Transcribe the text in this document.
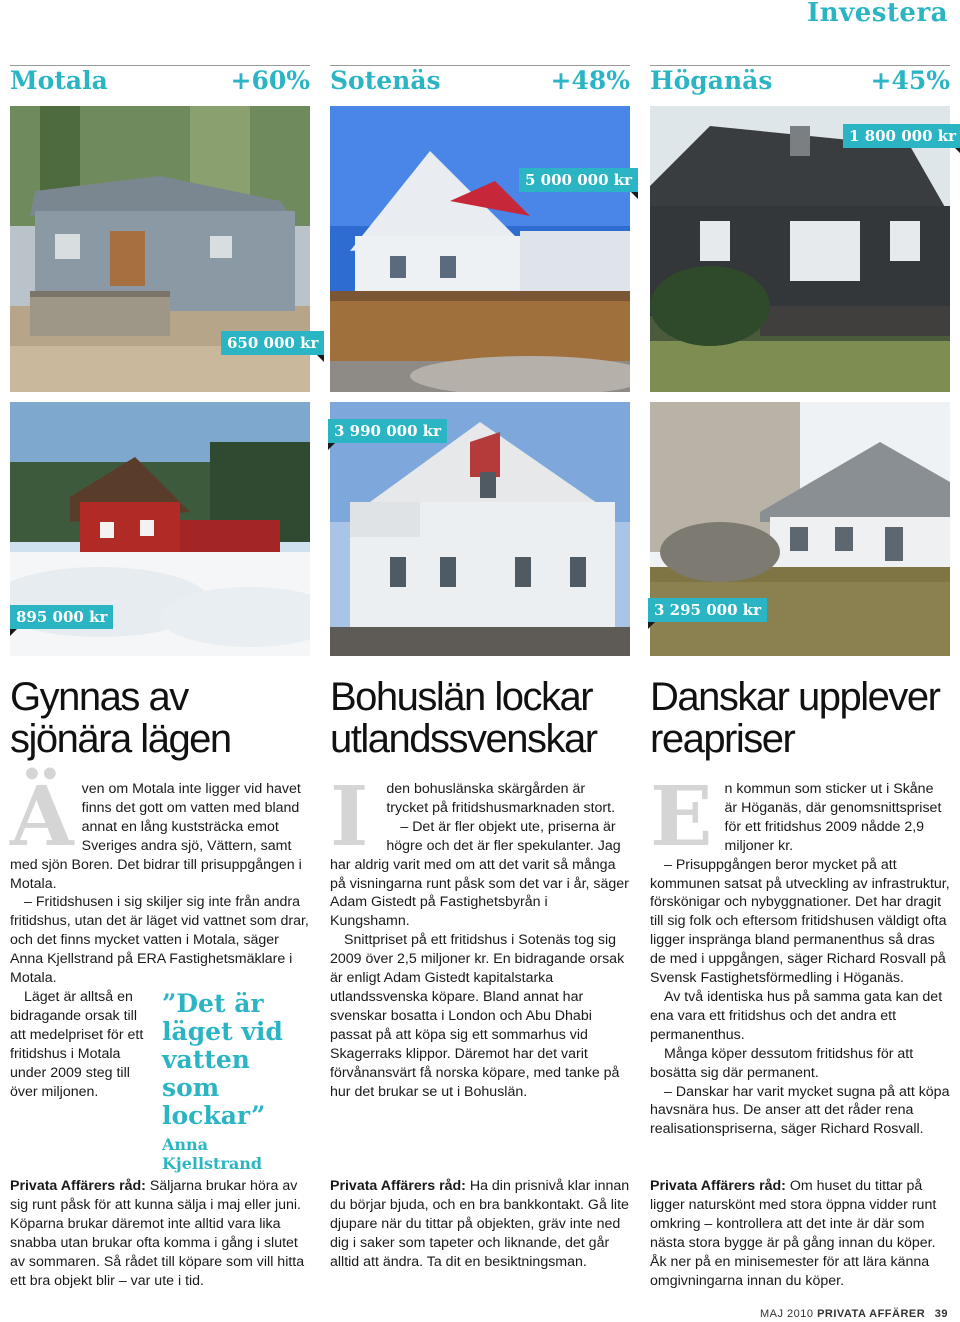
Investera
Motala	+60%
650 000 kr
895 000 kr
Gynnas av
sjönära lägen

Även om Motala inte ligger vid havet finns det gott om vatten med bland annat en lång kuststräcka emot Sveriges andra sjö, Vättern, samt med sjön Boren. Det bidrar till prisuppgången i Motala.

– Fritidshusen i sig skiljer sig inte från andra fritidshus, utan det är läget vid vattnet som drar, och det finns mycket vatten i Motala, säger Anna Kjellstrand på ERA Fastighetsmäklare i Motala.

”Det är läget vid vatten som lockar”
Anna Kjellstrand

Läget är alltså en bidragande orsak till att medelpriset för ett fritidshus i Motala under 2009 steg till över miljonen.

Privata Affärers råd: Säljarna brukar höra av sig runt påsk för att kunna sälja i maj eller juni. Köparna brukar däremot inte alltid vara lika snabba utan brukar ofta komma i gång i slutet av sommaren. Så rådet till köpare som vill hitta ett bra objekt blir – var ute i tid.
Sotenäs	+48%
5 000 000 kr
3 990 000 kr
Bohuslän lockar
utlandssvenskar

I den bohuslänska skärgården är trycket på fritidshusmarknaden stort.

– Det är fler objekt ute, priserna är högre och det är fler spekulanter. Jag har aldrig varit med om att det varit så många på visningarna runt påsk som det var i år, säger Adam Gistedt på Fastighetsbyrån i Kungshamn.

Snittpriset på ett fritidshus i Sotenäs tog sig 2009 över 2,5 miljoner kr. En bidragande orsak är enligt Adam Gistedt kapitalstarka utlandssvenska köpare. Bland annat har svenskar bosatta i London och Abu Dhabi passat på att köpa sig ett sommarhus vid Skagerraks klippor. Däremot har det varit förvånansvärt få norska köpare, med tanke på hur det brukar se ut i Bohuslän.

Privata Affärers råd: Ha din prisnivå klar innan du börjar bjuda, och en bra bankkontakt. Gå lite djupare när du tittar på objekten, gräv inte ned dig i saker som tapeter och liknande, det går alltid att ändra. Ta dit en besiktningsman.
Höganäs	+45%
1 800 000 kr
3 295 000 kr
Danskar upplever
reapriser

En kommun som sticker ut i Skåne är Höganäs, där genomsnittspriset för ett fritidshus 2009 nådde 2,9 miljoner kr.

– Prisuppgången beror mycket på att kommunen satsat på utveckling av infrastruktur, förskönigar och nybyggnationer. Det har dragit till sig folk och eftersom fritidshusen väldigt ofta ligger inspränga bland permanenthus så dras de med i uppgången, säger Richard Rosvall på Svensk Fastighetsförmedling i Höganäs.

Av två identiska hus på samma gata kan det ena vara ett fritidshus och det andra ett permanenthus.

Många köper dessutom fritidshus för att bosätta sig där permanent.

– Danskar har varit mycket sugna på att köpa havsnära hus. De anser att det råder rena realisationspriserna, säger Richard Rosvall.

Privata Affärers råd: Om huset du tittar på ligger naturskönt med stora öppna vidder runt omkring – kontrollera att det inte är där som nästa stora bygge är på gång innan du köper. Åk ner på en minisemester för att lära känna omgivningarna innan du köper.
MAJ 2010 PRIVATA AFFÄRER 39
